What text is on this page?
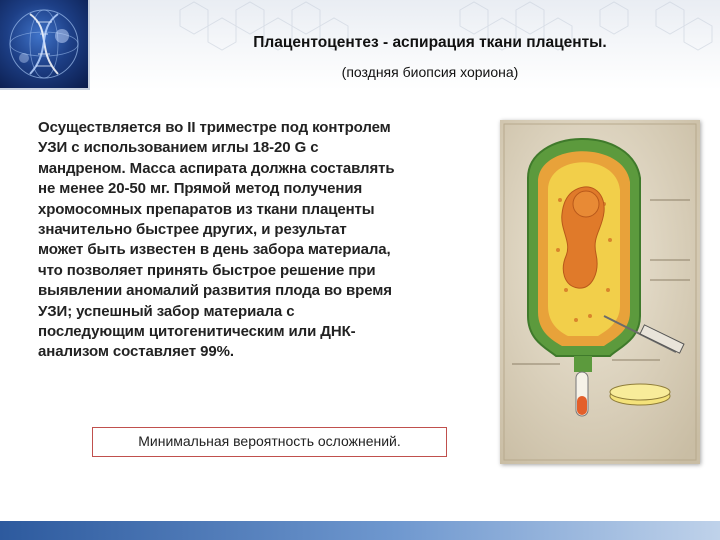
Плацентоцентез - аспирация ткани плаценты.
(поздняя биопсия хориона)
Осуществляется во II триместре под контролем
УЗИ с использованием иглы 18-20 G с
мандреном. Масса аспирата должна составлять
не менее 20-50 мг. Прямой метод получения
хромосомных препаратов из ткани плаценты
значительно быстрее других, и результат
может быть известен в день забора материала,
что позволяет принять быстрое решение при
выявлении аномалий развития плода во время
УЗИ; успешный забор материала с
последующим цитогенитическим или ДНК-
анализом составляет 99%.
Минимальная вероятность осложнений.
